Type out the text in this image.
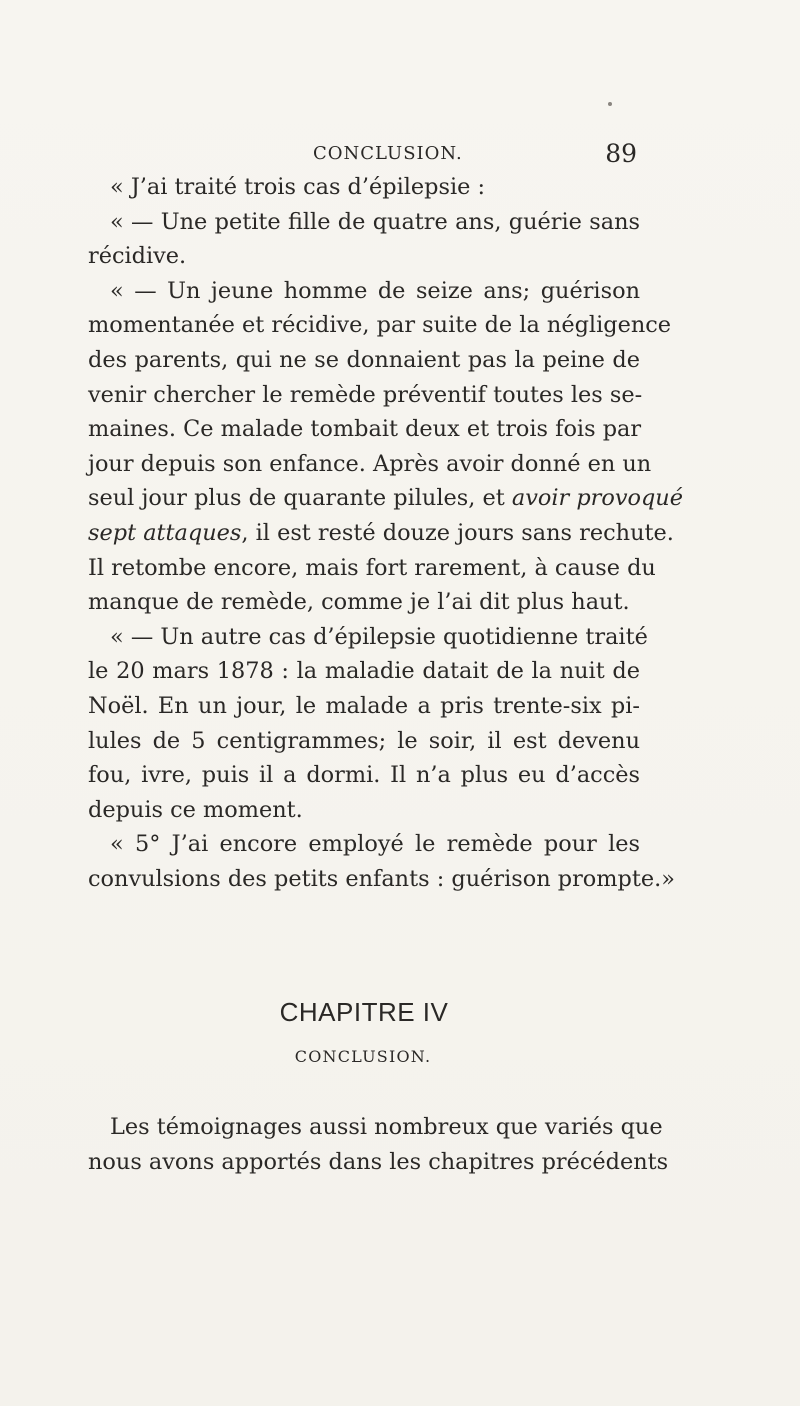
CONCLUSION.	89
« J’ai traité trois cas d’épilepsie :
« — Une petite fille de quatre ans, guérie sans
récidive.
« — Un jeune homme de seize ans; guérison
momentanée et récidive, par suite de la négligence
des parents, qui ne se donnaient pas la peine de
venir chercher le remède préventif toutes les se-
maines. Ce malade tombait deux et trois fois par
jour depuis son enfance. Après avoir donné en un
seul jour plus de quarante pilules, et avoir provoqué
sept attaques, il est resté douze jours sans rechute.
Il retombe encore, mais fort rarement, à cause du
manque de remède, comme je l’ai dit plus haut.
« — Un autre cas d’épilepsie quotidienne traité
le 20 mars 1878 : la maladie datait de la nuit de
Noël. En un jour, le malade a pris trente-six pi-
lules de 5 centigrammes; le soir, il est devenu
fou, ivre, puis il a dormi. Il n’a plus eu d’accès
depuis ce moment.
« 5° J’ai encore employé le remède pour les
convulsions des petits enfants : guérison prompte.»
CHAPITRE IV
CONCLUSION.
Les témoignages aussi nombreux que variés que
nous avons apportés dans les chapitres précédents
